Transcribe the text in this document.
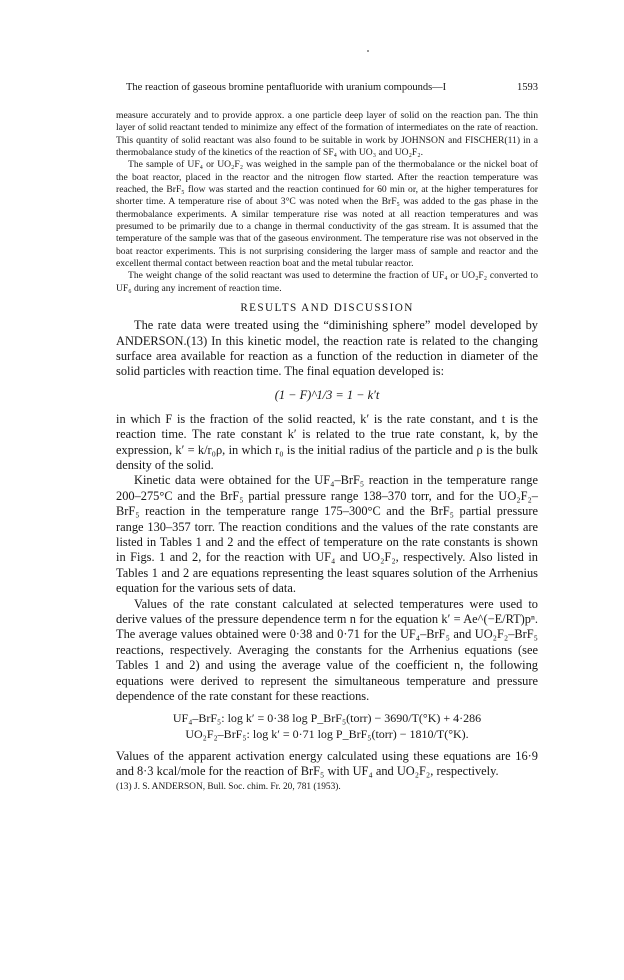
The reaction of gaseous bromine pentafluoride with uranium compounds—I	1593

measure accurately and to provide approx. a one particle deep layer of solid on the reaction pan. The thin layer of solid reactant tended to minimize any effect of the formation of intermediates on the rate of reaction. This quantity of solid reactant was also found to be suitable in work by JOHNSON and FISCHER(11) in a thermobalance study of the kinetics of the reaction of SF₄ with UO₃ and UO₂F₂.

The sample of UF₄ or UO₂F₂ was weighed in the sample pan of the thermobalance or the nickel boat of the boat reactor, placed in the reactor and the nitrogen flow started. After the reaction temperature was reached, the BrF₅ flow was started and the reaction continued for 60 min or, at the higher temperatures for shorter time. A temperature rise of about 3°C was noted when the BrF₅ was added to the gas phase in the thermobalance experiments. A similar temperature rise was noted at all reaction temperatures and was presumed to be primarily due to a change in thermal conductivity of the gas stream. It is assumed that the temperature of the sample was that of the gaseous environment. The temperature rise was not observed in the boat reactor experiments. This is not surprising considering the larger mass of sample and reactor and the excellent thermal contact between reaction boat and the metal tubular reactor.

The weight change of the solid reactant was used to determine the fraction of UF₄ or UO₂F₂ converted to UF₆ during any increment of reaction time.

RESULTS AND DISCUSSION

The rate data were treated using the “diminishing sphere” model developed by ANDERSON.(13) In this kinetic model, the reaction rate is related to the changing surface area available for reaction as a function of the reduction in diameter of the solid particles with reaction time. The final equation developed is:

(1 − F)^1/3 = 1 − k′t

in which F is the fraction of the solid reacted, k′ is the rate constant, and t is the reaction time. The rate constant k′ is related to the true rate constant, k, by the expression, k′ = k/r₀ρ, in which r₀ is the initial radius of the particle and ρ is the bulk density of the solid.

Kinetic data were obtained for the UF₄–BrF₅ reaction in the temperature range 200–275°C and the BrF₅ partial pressure range 138–370 torr, and for the UO₂F₂–BrF₅ reaction in the temperature range 175–300°C and the BrF₅ partial pressure range 130–357 torr. The reaction conditions and the values of the rate constants are listed in Tables 1 and 2 and the effect of temperature on the rate constants is shown in Figs. 1 and 2, for the reaction with UF₄ and UO₂F₂, respectively. Also listed in Tables 1 and 2 are equations representing the least squares solution of the Arrhenius equation for the various sets of data.

Values of the rate constant calculated at selected temperatures were used to derive values of the pressure dependence term n for the equation k′ = Ae^(−E/RT)pⁿ. The average values obtained were 0·38 and 0·71 for the UF₄–BrF₅ and UO₂F₂–BrF₅ reactions, respectively. Averaging the constants for the Arrhenius equations (see Tables 1 and 2) and using the average value of the coefficient n, the following equations were derived to represent the simultaneous temperature and pressure dependence of the rate constant for these reactions.

UF₄–BrF₅: log k′ = 0·38 log P_BrF₅(torr) − 3690/T(°K) + 4·286
UO₂F₂–BrF₅: log k′ = 0·71 log P_BrF₅(torr) − 1810/T(°K).

Values of the apparent activation energy calculated using these equations are 16·9 and 8·3 kcal/mole for the reaction of BrF₅ with UF₄ and UO₂F₂, respectively.

(13) J. S. ANDERSON, Bull. Soc. chim. Fr. 20, 781 (1953).
